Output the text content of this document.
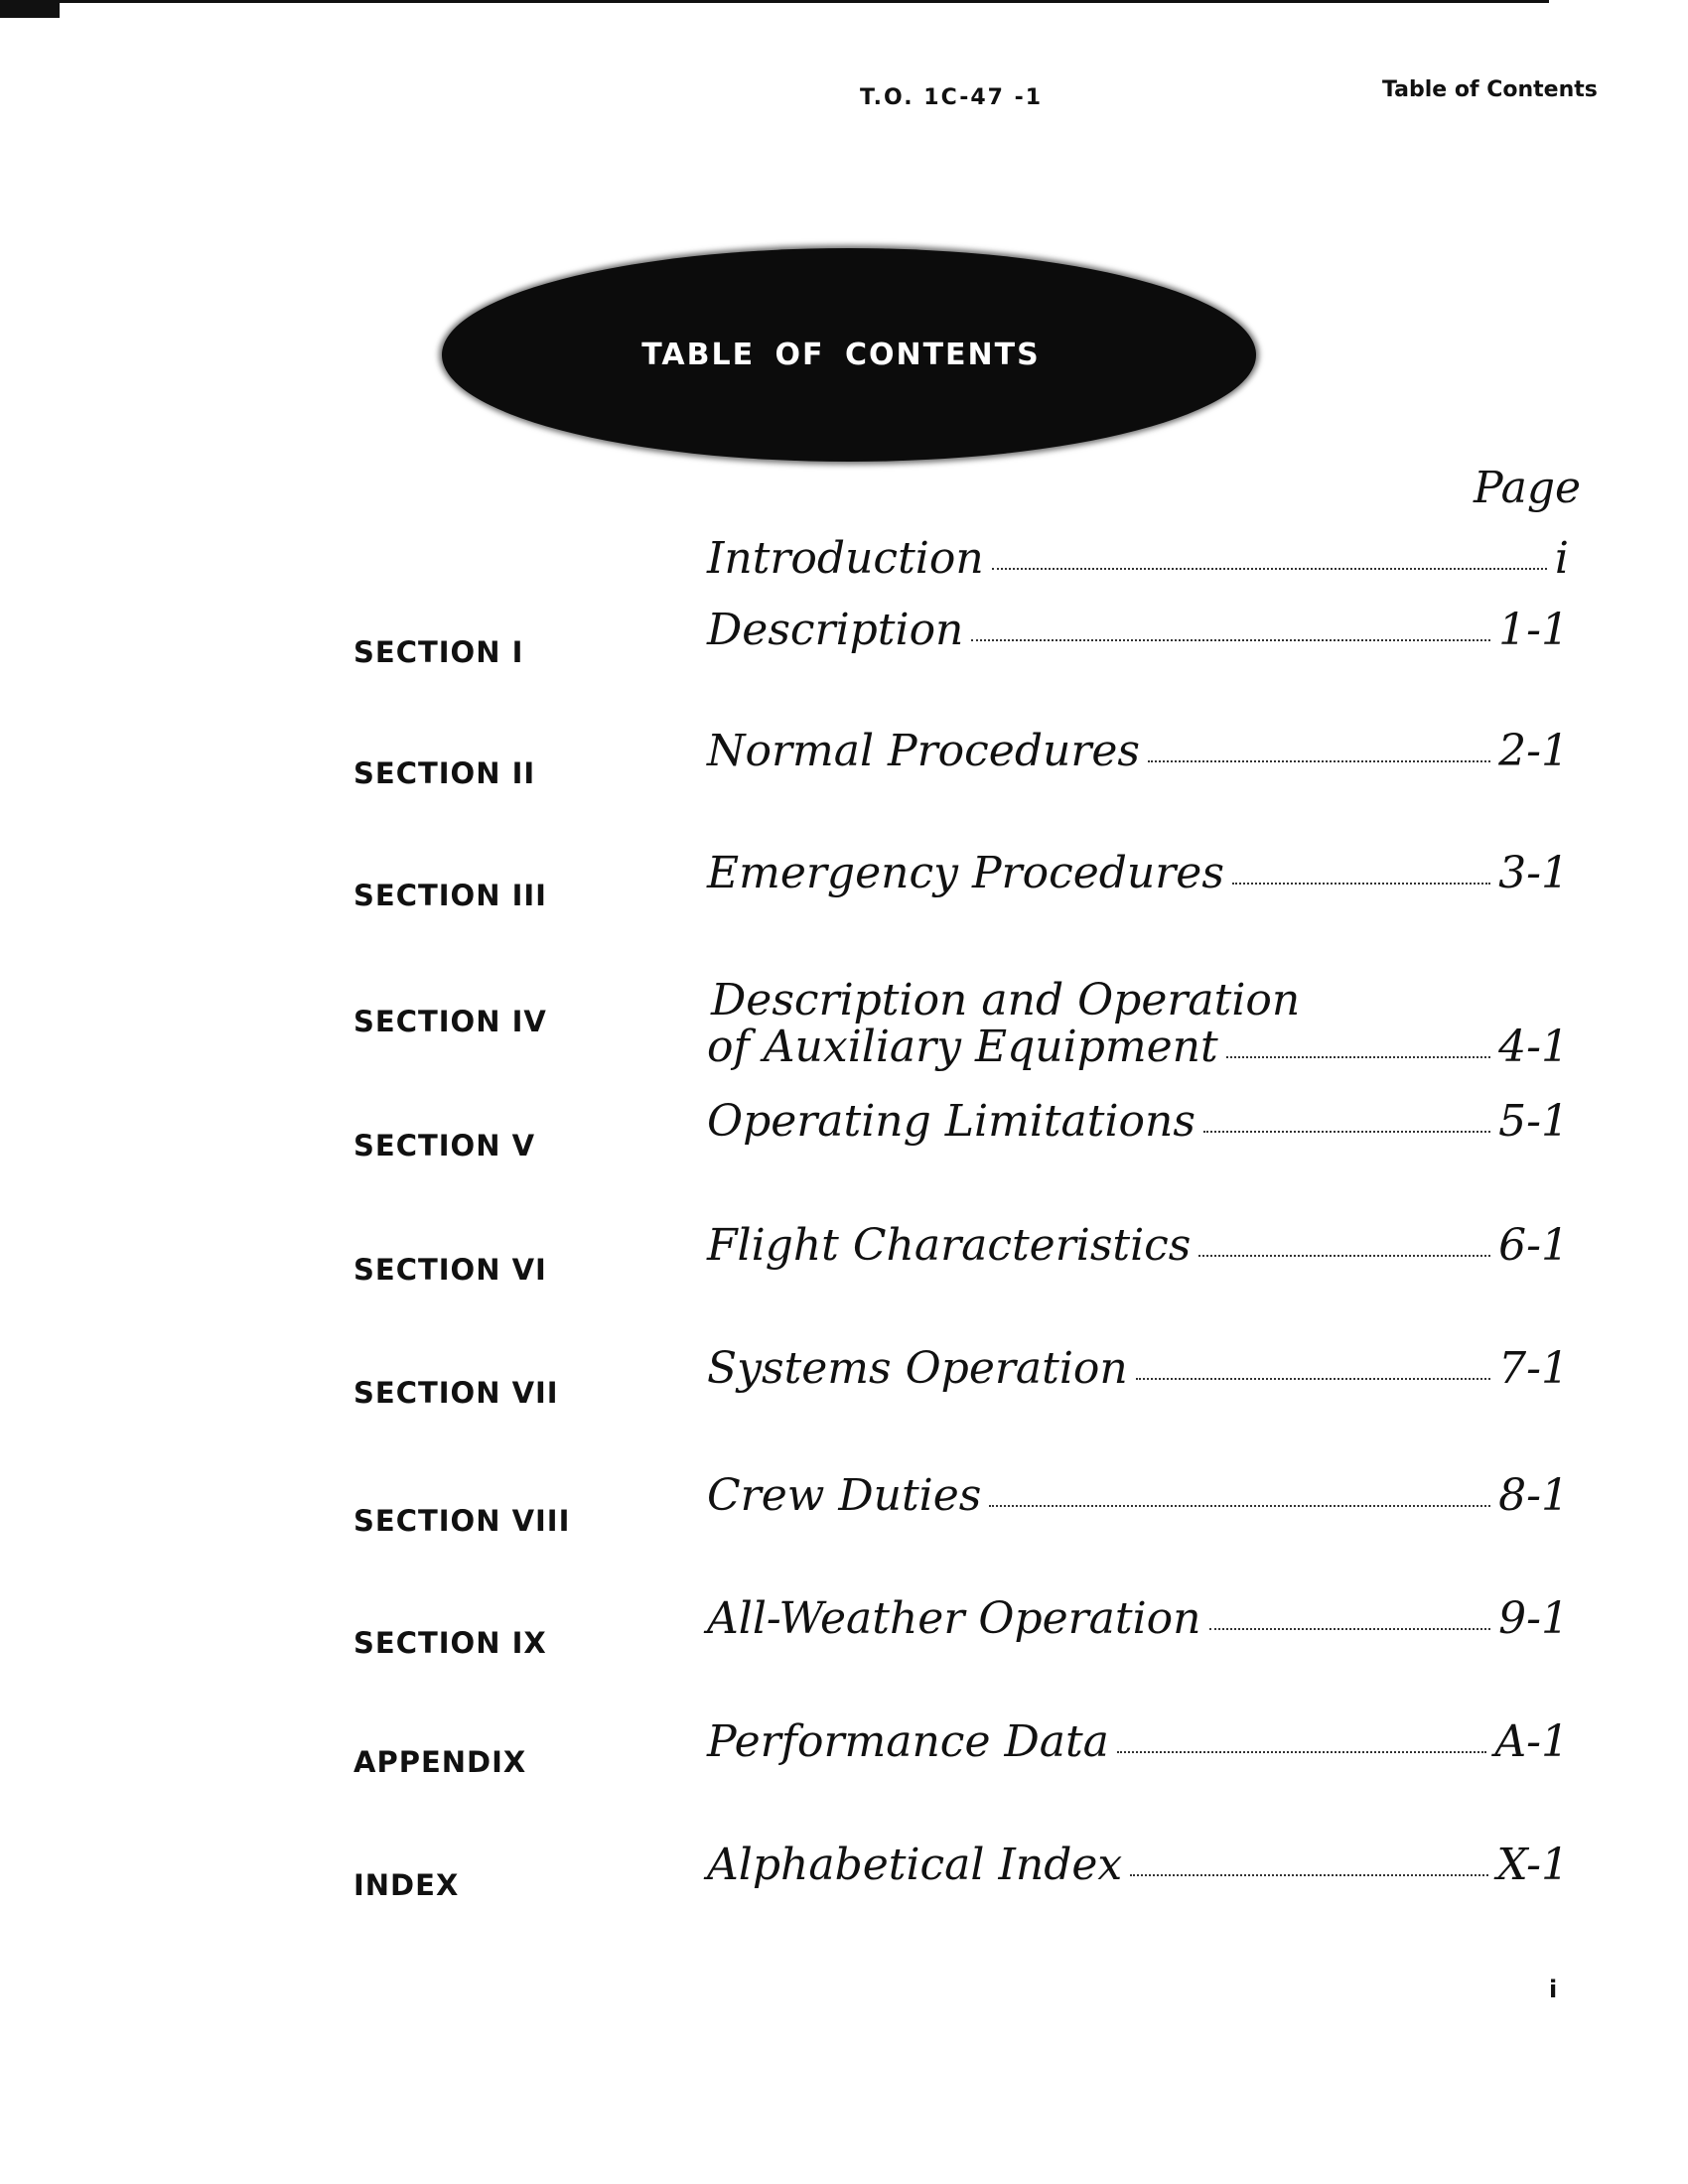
T.O. 1C-47 -1	Table of Contents
TABLE OF CONTENTS
Page
Introduction	i
SECTION I	Description	1-1
SECTION II	Normal Procedures	2-1
SECTION III	Emergency Procedures	3-1
SECTION IV	Description and Operation
of Auxiliary Equipment	4-1
SECTION V	Operating Limitations	5-1
SECTION VI	Flight Characteristics	6-1
SECTION VII	Systems Operation	7-1
SECTION VIII	Crew Duties	8-1
SECTION IX	All-Weather Operation	9-1
APPENDIX	Performance Data	A-1
INDEX	Alphabetical Index	X-1
i
